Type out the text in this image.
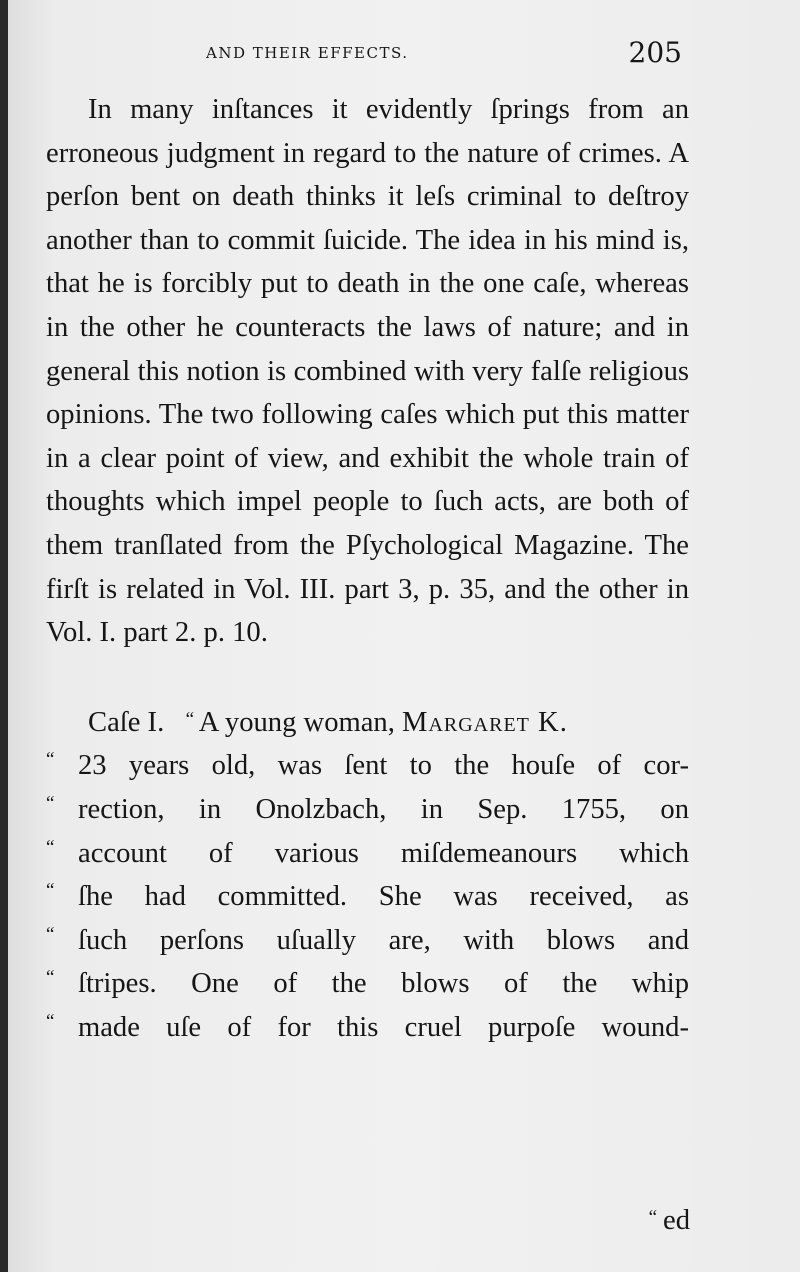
AND THEIR EFFECTS.	205

In many inſtances it evidently ſprings from an erroneous judgment in regard to the nature of crimes. A perſon bent on death thinks it leſs criminal to deſtroy another than to commit ſuicide. The idea in his mind is, that he is forcibly put to death in the one caſe, whereas in the other he counteracts the laws of nature; and in general this notion is combined with very falſe religious opinions. The two following caſes which put this matter in a clear point of view, and exhibit the whole train of thoughts which impel people to ſuch acts, are both of them tranſlated from the Pſychological Magazine. The firſt is related in Vol. III. part 3, p. 35, and the other in Vol. I. part 2. p. 10.

Caſe I. “ A young woman, Margaret K.
“ 23 years old, was ſent to the houſe of cor-
“ rection, in Onolzbach, in Sep. 1755, on
“ account of various miſdemeanours which
“ ſhe had committed. She was received, as
“ ſuch perſons uſually are, with blows and
“ ſtripes. One of the blows of the whip
“ made uſe of for this cruel purpoſe wound-
“ ed
